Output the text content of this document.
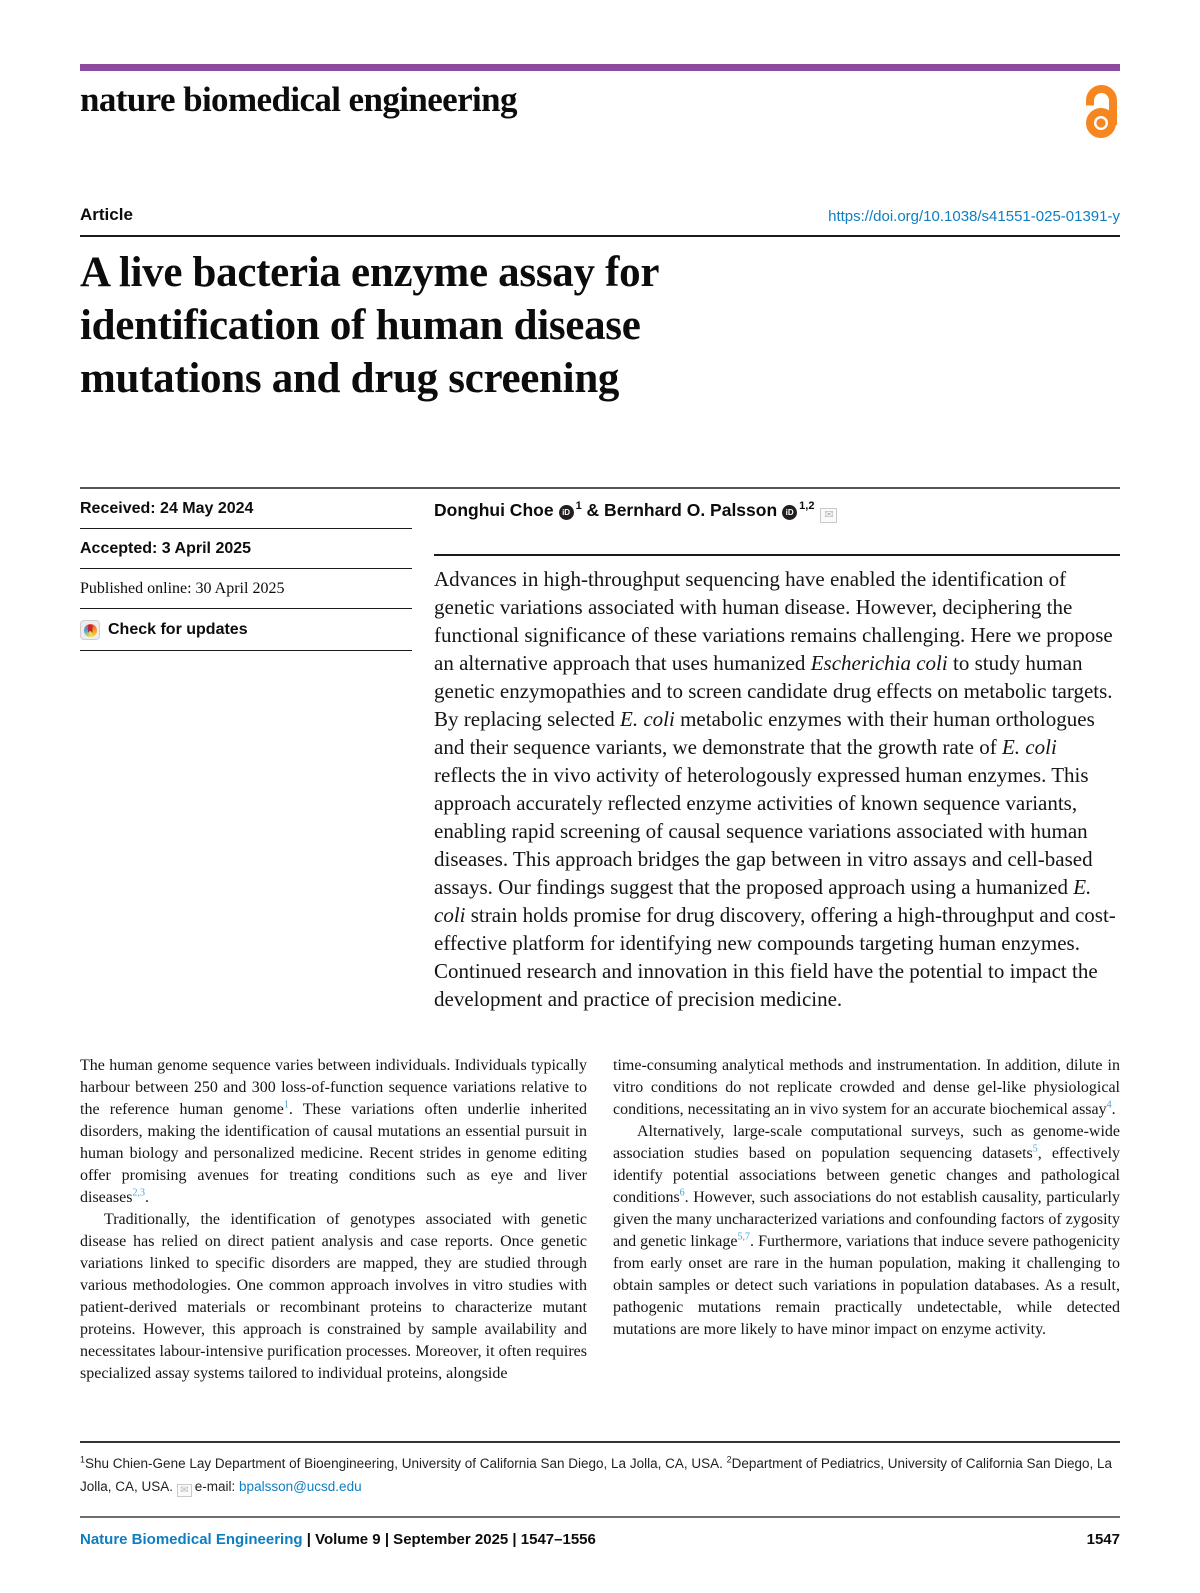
nature biomedical engineering
Article	https://doi.org/10.1038/s41551-025-01391-y
A live bacteria enzyme assay for
identification of human disease
mutations and drug screening
Received: 24 May 2024
Accepted: 3 April 2025
Published online: 30 April 2025
Check for updates
Donghui Choe iD $^1$ & Bernhard O. Palsson iD $^{1,2}$✉
Advances in high-throughput sequencing have enabled the identification of genetic variations associated with human disease. However, deciphering the functional significance of these variations remains challenging. Here we propose an alternative approach that uses humanized Escherichia coli to study human genetic enzymopathies and to screen candidate drug effects on metabolic targets. By replacing selected E. coli metabolic enzymes with their human orthologues and their sequence variants, we demonstrate that the growth rate of E. coli reflects the in vivo activity of heterologously expressed human enzymes. This approach accurately reflected enzyme activities of known sequence variants, enabling rapid screening of causal sequence variations associated with human diseases. This approach bridges the gap between in vitro assays and cell-based assays. Our findings suggest that the proposed approach using a humanized E. coli strain holds promise for drug discovery, offering a high-throughput and cost-effective platform for identifying new compounds targeting human enzymes. Continued research and innovation in this field have the potential to impact the development and practice of precision medicine.

The human genome sequence varies between individuals. Individuals typically harbour between 250 and 300 loss-of-function sequence variations relative to the reference human genome$^1$. These variations often underlie inherited disorders, making the identification of causal mutations an essential pursuit in human biology and personalized medicine. Recent strides in genome editing offer promising avenues for treating conditions such as eye and liver diseases$^{2,3}$.

Traditionally, the identification of genotypes associated with genetic disease has relied on direct patient analysis and case reports. Once genetic variations linked to specific disorders are mapped, they are studied through various methodologies. One common approach involves in vitro studies with patient-derived materials or recombinant proteins to characterize mutant proteins. However, this approach is constrained by sample availability and necessitates labour-intensive purification processes. Moreover, it often requires specialized assay systems tailored to individual proteins, alongside

time-consuming analytical methods and instrumentation. In addition, dilute in vitro conditions do not replicate crowded and dense gel-like physiological conditions, necessitating an in vivo system for an accurate biochemical assay$^4$.

Alternatively, large-scale computational surveys, such as genome-wide association studies based on population sequencing datasets$^5$, effectively identify potential associations between genetic changes and pathological conditions$^6$. However, such associations do not establish causality, particularly given the many uncharacterized variations and confounding factors of zygosity and genetic linkage$^{5,7}$. Furthermore, variations that induce severe pathogenicity from early onset are rare in the human population, making it challenging to obtain samples or detect such variations in population databases. As a result, pathogenic mutations remain practically undetectable, while detected mutations are more likely to have minor impact on enzyme activity.

$^1$Shu Chien-Gene Lay Department of Bioengineering, University of California San Diego, La Jolla, CA, USA. $^2$Department of Pediatrics, University of California San Diego, La Jolla, CA, USA. ✉e-mail: bpalsson@ucsd.edu
Nature Biomedical Engineering | Volume 9 | September 2025 | 1547–1556	1547
